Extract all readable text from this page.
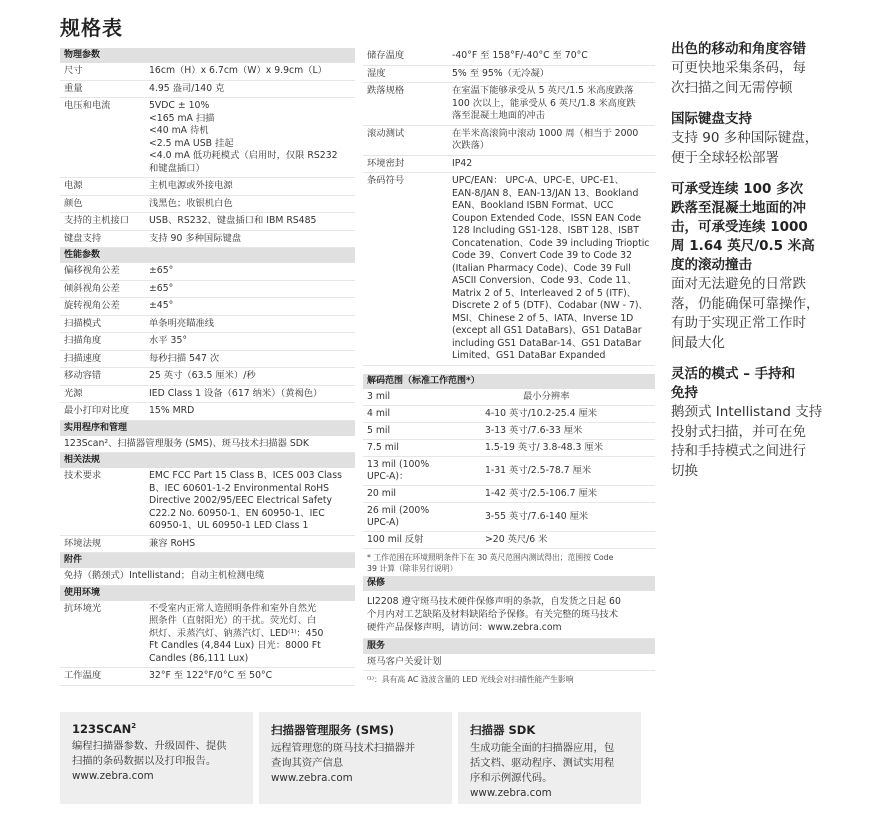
规格表
物理参数
尺寸	16cm（H）x 6.7cm（W）x 9.9cm（L）
重量	4.95 盎司/140 克
电压和电流	5VDC ± 10%
<165 mA 扫描
<40 mA 待机
<2.5 mA USB 挂起
<4.0 mA 低功耗模式（启用时，仅限 RS232
和键盘插口）
电源	主机电源或外接电源
颜色	浅黑色；收银机白色
支持的主机接口	USB、RS232、键盘插口和 IBM RS485
键盘支持	支持 90 多种国际键盘
性能参数
偏移视角公差	±65°
倾斜视角公差	±65°
旋转视角公差	±45°
扫描模式	单条明亮瞄准线
扫描角度	水平 35°
扫描速度	每秒扫描 547 次
移动容错	25 英寸（63.5 厘米）/秒
光源	IED Class 1 设备（617 纳米）（黄褐色）
最小打印对比度	15% MRD
实用程序和管理
123Scan²、扫描器管理服务 (SMS)、斑马技术扫描器 SDK
相关法规
技术要求	EMC FCC Part 15 Class B、ICES 003 Class
B、IEC 60601-1-2 Environmental RoHS
Directive 2002/95/EEC Electrical Safety
C22.2 No. 60950-1、EN 60950-1、IEC
60950-1、UL 60950-1 LED Class 1
环境法规	兼容 RoHS
附件
免持（鹅颈式）Intellistand；自动主机检测电缆
使用环境
抗环境光	不受室内正常人造照明条件和室外自然光
照条件（直射阳光）的干扰。荧光灯、白
炽灯、汞蒸汽灯、钠蒸汽灯、LED⁽¹⁾：450
Ft Candles (4,844 Lux) 日光：8000 Ft
Candles (86,111 Lux)
工作温度	32°F 至 122°F/0°C 至 50°C
储存温度	-40°F 至 158°F/-40°C 至 70°C
湿度	5% 至 95%（无冷凝）
跌落规格	在室温下能够承受从 5 英尺/1.5 米高度跌落
100 次以上，能承受从 6 英尺/1.8 米高度跌
落至混凝土地面的冲击
滚动测试	在半米高滚筒中滚动 1000 周（相当于 2000
次跌落）
环境密封	IP42
条码符号	UPC/EAN： UPC-A、UPC-E、UPC-E1、
EAN-8/JAN 8、EAN-13/JAN 13、Bookland
EAN、Bookland ISBN Format、UCC
Coupon Extended Code、ISSN EAN Code
128 Including GS1-128、ISBT 128、ISBT
Concatenation、Code 39 including Trioptic
Code 39、Convert Code 39 to Code 32
(Italian Pharmacy Code)、Code 39 Full
ASCII Conversion、Code 93、Code 11、
Matrix 2 of 5、Interleaved 2 of 5 (ITF)、
Discrete 2 of 5 (DTF)、Codabar (NW - 7)、
MSI、Chinese 2 of 5、IATA、Inverse 1D
(except all GS1 DataBars)、GS1 DataBar
including GS1 DataBar-14、GS1 DataBar
Limited、GS1 DataBar Expanded
解码范围（标准工作范围*）
3 mil	最小分辨率
4 mil	4-10 英寸/10.2-25.4 厘米
5 mil	3-13 英寸/7.6-33 厘米
7.5 mil	1.5-19 英寸/ 3.8-48.3 厘米
13 mil (100%
UPC-A)：
1-31 英寸/2.5-78.7 厘米
20 mil	1-42 英寸/2.5-106.7 厘米
26 mil (200%
UPC-A)
3-55 英寸/7.6-140 厘米
100 mil 反射	>20 英尺/6 米
* 工作范围在环境照明条件下在 30 英尺范围内测试得出；范围按 Code
39 计算（除非另行说明）
保修
LI2208 遵守斑马技术硬件保修声明的条款，自发货之日起 60
个月内对工艺缺陷及材料缺陷给予保修。有关完整的斑马技术
硬件产品保修声明，请访问：www.zebra.com
服务
斑马客户关爱计划
⁽¹⁾：具有高 AC 涟波含量的 LED 光线会对扫描性能产生影响
出色的移动和角度容错
可更快地采集条码，每
次扫描之间无需停顿
国际键盘支持
支持 90 多种国际键盘，
便于全球轻松部署
可承受连续 100 多次
跌落至混凝土地面的冲
击，可承受连续 1000
周 1.64 英尺/0.5 米高
度的滚动撞击
面对无法避免的日常跌
落，仍能确保可靠操作，
有助于实现正常工作时
间最大化
灵活的模式 – 手持和
免持
鹅颈式 Intellistand 支持
投射式扫描，并可在免
持和手持模式之间进行
切换
123SCAN$^2$
编程扫描器参数、升级固件、提供
扫描的条码数据以及打印报告。
www.zebra.com
扫描器管理服务 (SMS)
远程管理您的斑马技术扫描器并
查询其资产信息
www.zebra.com
扫描器 SDK
生成功能全面的扫描器应用，包
括文档、驱动程序、测试实用程
序和示例源代码。
www.zebra.com
